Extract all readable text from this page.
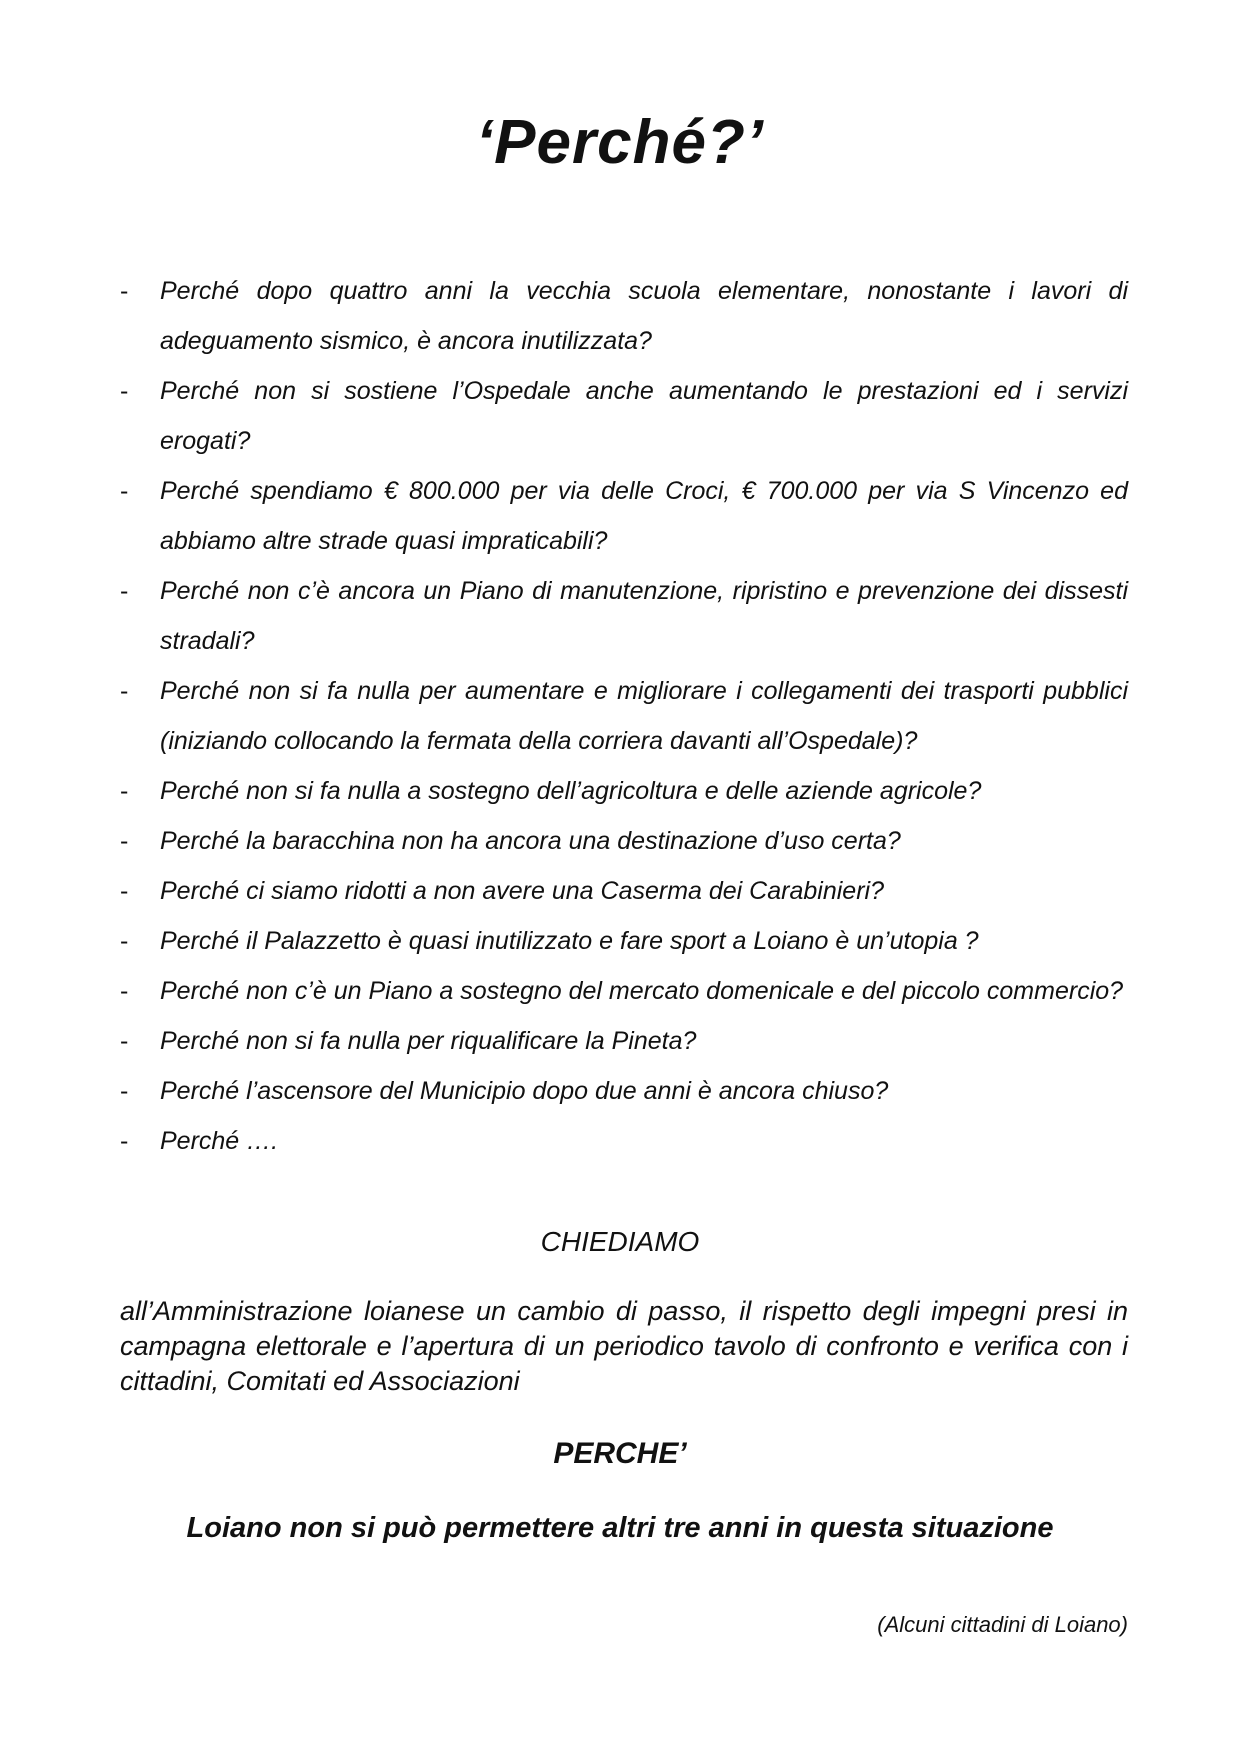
‘Perché?’
- Perché dopo quattro anni la vecchia scuola elementare, nonostante i lavori di adeguamento sismico, è ancora inutilizzata?
- Perché non si sostiene l’Ospedale anche aumentando le prestazioni ed i servizi erogati?
- Perché spendiamo € 800.000 per via delle Croci, € 700.000 per via S Vincenzo ed abbiamo altre strade quasi impraticabili?
- Perché non c’è ancora un Piano di manutenzione, ripristino e prevenzione dei dissesti stradali?
- Perché non si fa nulla per aumentare e migliorare i collegamenti dei trasporti pubblici (iniziando collocando la fermata della corriera davanti all’Ospedale)?
- Perché non si fa nulla a sostegno dell’agricoltura e delle aziende agricole?
- Perché la baracchina non ha ancora una destinazione d’uso certa?
- Perché ci siamo ridotti a non avere una Caserma dei Carabinieri?
- Perché il Palazzetto è quasi inutilizzato e fare sport a Loiano è un’utopia ?
- Perché non c’è un Piano a sostegno del mercato domenicale e del piccolo commercio?
- Perché non si fa nulla per riqualificare la Pineta?
- Perché l’ascensore del Municipio dopo due anni è ancora chiuso?
- Perché ….
CHIEDIAMO

all’Amministrazione loianese un cambio di passo, il rispetto degli impegni presi in campagna elettorale e l’apertura di un periodico tavolo di confronto e verifica con i cittadini, Comitati ed Associazioni

PERCHE’
Loiano non si può permettere altri tre anni in questa situazione
(Alcuni cittadini di Loiano)
